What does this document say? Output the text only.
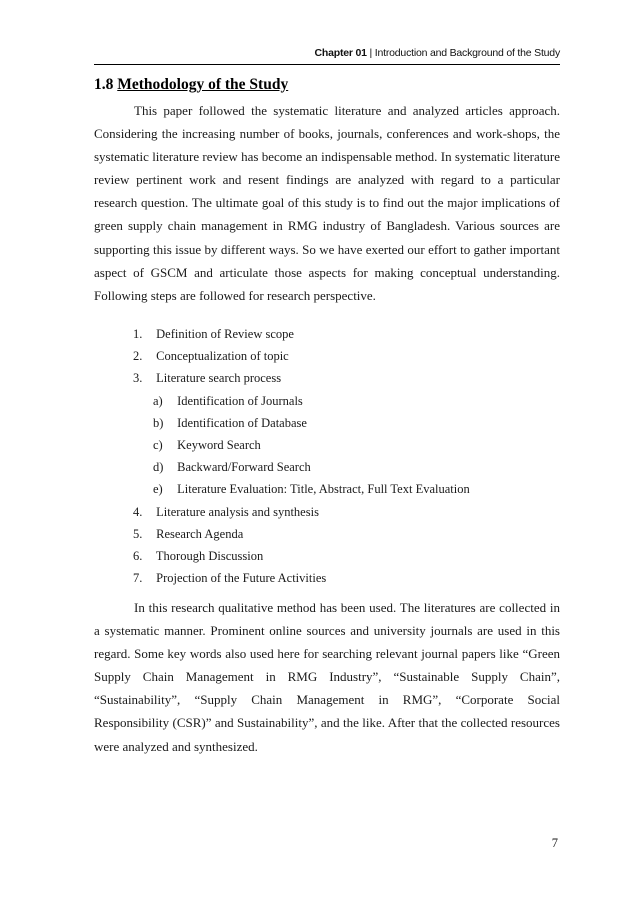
Chapter 01 | Introduction and Background of the Study
1.8 Methodology of the Study

This paper followed the systematic literature and analyzed articles approach. Considering the increasing number of books, journals, conferences and work-shops, the systematic literature review has become an indispensable method. In systematic literature review pertinent work and resent findings are analyzed with regard to a particular research question. The ultimate goal of this study is to find out the major implications of green supply chain management in RMG industry of Bangladesh. Various sources are supporting this issue by different ways. So we have exerted our effort to gather important aspect of GSCM and articulate those aspects for making conceptual understanding. Following steps are followed for research perspective.

1. Definition of Review scope
2. Conceptualization of topic
3. Literature search process
a) Identification of Journals
b) Identification of Database
c) Keyword Search
d) Backward/Forward Search
e) Literature Evaluation: Title, Abstract, Full Text Evaluation
4. Literature analysis and synthesis
5. Research Agenda
6. Thorough Discussion
7. Projection of the Future Activities

In this research qualitative method has been used. The literatures are collected in a systematic manner. Prominent online sources and university journals are used in this regard. Some key words also used here for searching relevant journal papers like “Green Supply Chain Management in RMG Industry”, “Sustainable Supply Chain”, “Sustainability”, “Supply Chain Management in RMG”, “Corporate Social Responsibility (CSR)” and Sustainability”, and the like. After that the collected resources were analyzed and synthesized.

7
